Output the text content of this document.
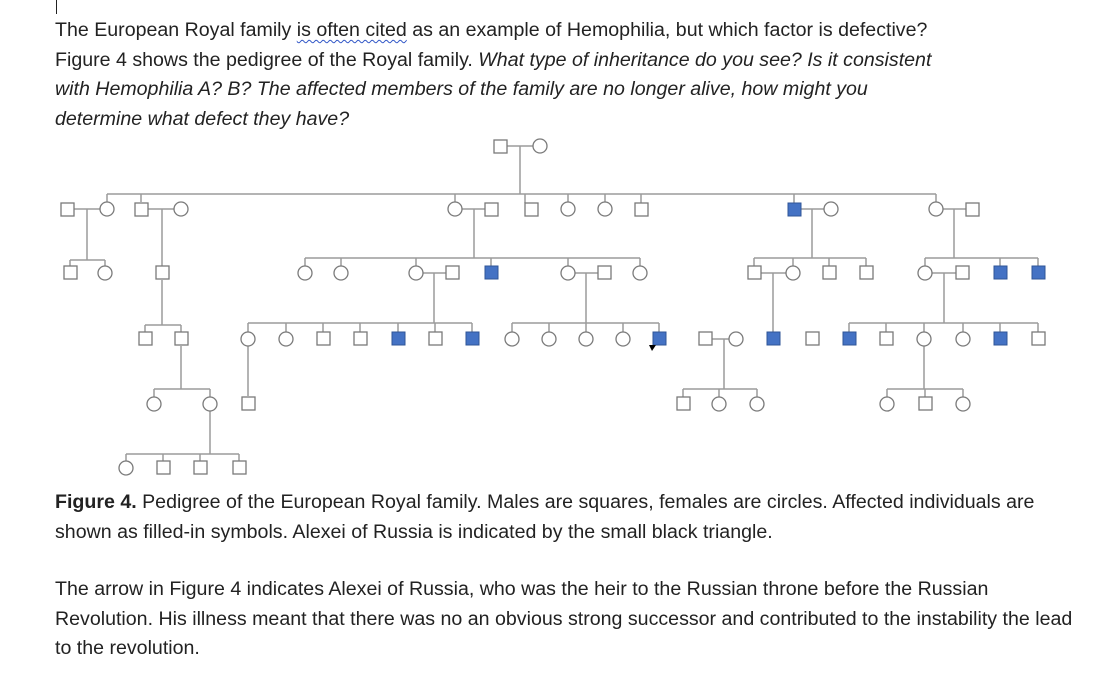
The European Royal family is often cited as an example of Hemophilia, but which factor is defective?
Figure 4 shows the pedigree of the Royal family. What type of inheritance do you see? Is it consistent
with Hemophilia A? B? The affected members of the family are no longer alive, how might you
determine what defect they have?

Figure 4. Pedigree of the European Royal family. Males are squares, females are circles. Affected individuals are shown as filled-in symbols. Alexei of Russia is indicated by the small black triangle.

The arrow in Figure 4 indicates Alexei of Russia, who was the heir to the Russian throne before the Russian Revolution. His illness meant that there was no an obvious strong successor and contributed to the instability the lead to the revolution.
